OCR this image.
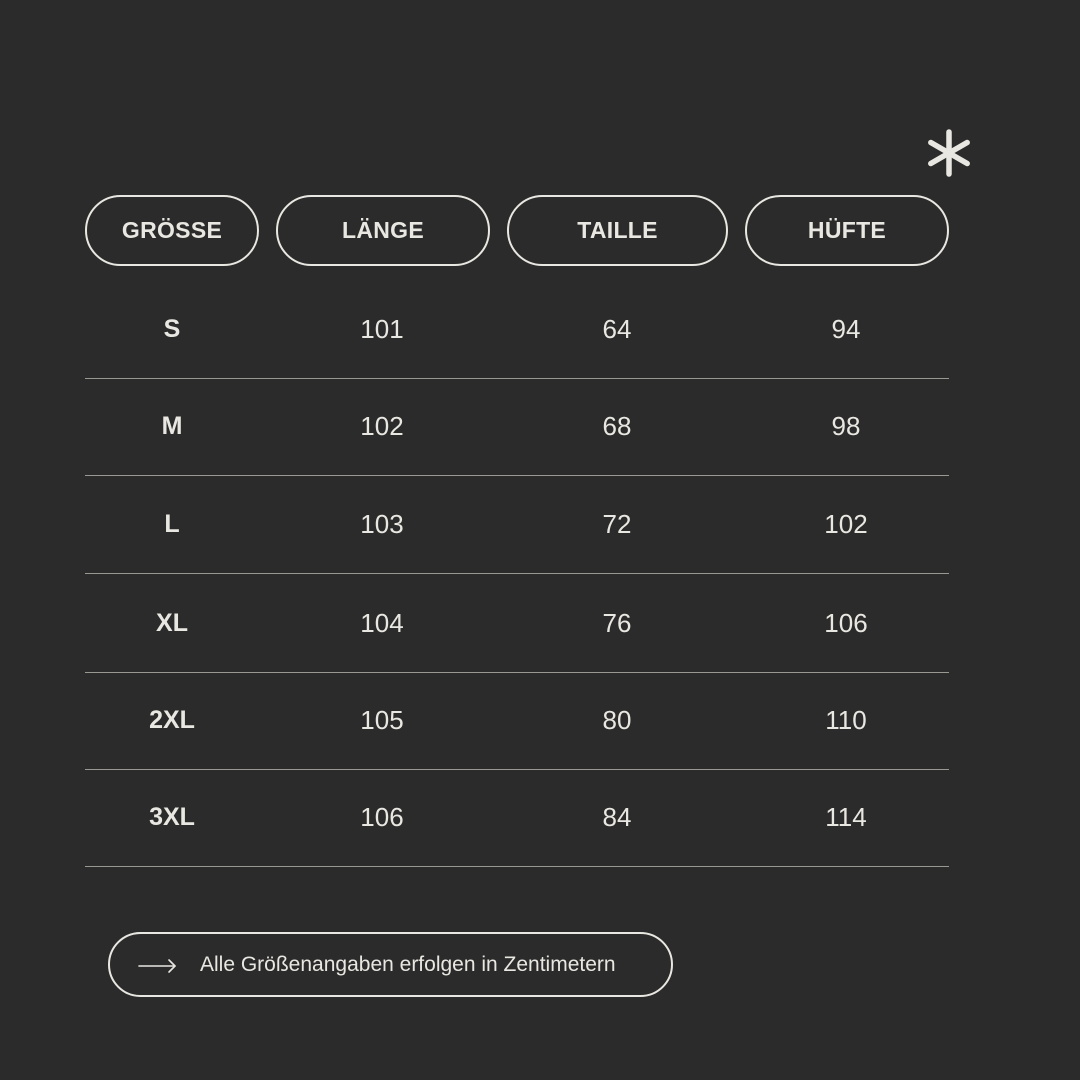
GRÖSSE	LÄNGE	TAILLE	HÜFTE
S	101	64	94
M	102	68	98
L	103	72	102
XL	104	76	106
2XL	105	80	110
3XL	106	84	114
Alle Größenangaben erfolgen in Zentimetern
